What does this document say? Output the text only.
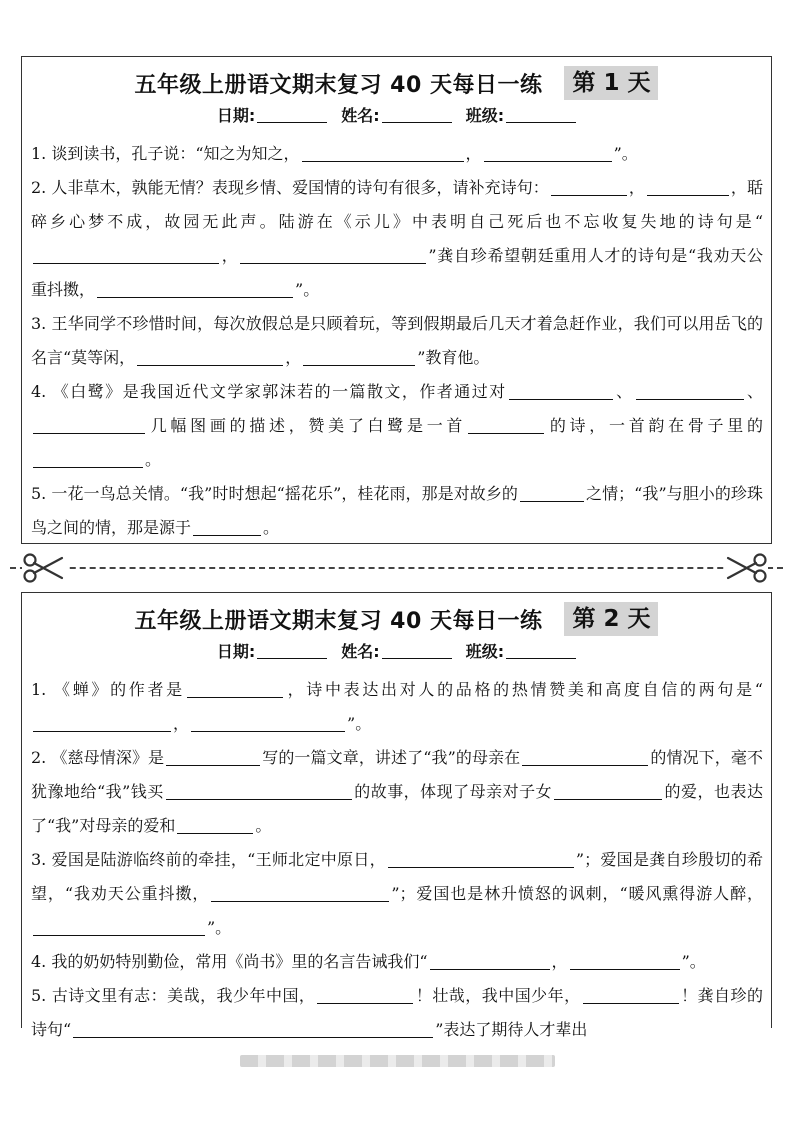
五年级上册语文期末复习 40 天每日一练	第 1 天
日期:	姓名:	班级:

1. 谈到读书，孔子说：“知之为知之，	，	”。

2. 人非草木，孰能无情？表现乡情、爱国情的诗句有很多，请补充诗句：	，	，聒碎乡心梦不成，故园无此声。陆游在《示儿》中表明自己死后也不忘收复失地的诗句是“，	”龚自珍希望朝廷重用人才的诗句是“我劝天公重抖擞，	”。

3. 王华同学不珍惜时间，每次放假总是只顾着玩，等到假期最后几天才着急赶作业，我们可以用岳飞的名言“莫等闲，	，	”教育他。

4. 《白鹭》是我国近代文学家郭沫若的一篇散文，作者通过对	、	、几幅图画的描述，赞美了白鹭是一首	的诗，一首韵在骨子里的。

5. 一花一鸟总关情。“我”时时想起“摇花乐”，桂花雨，那是对故乡的	之情；“我”与胆小的珍珠鸟之间的情，那是源于	。

五年级上册语文期末复习 40 天每日一练	第 2 天
日期:	姓名:	班级:

1. 《蝉》的作者是	，诗中表达出对人的品格的热情赞美和高度自信的两句是“，	”。

2. 《慈母情深》是	写的一篇文章，讲述了“我”的母亲在	的情况下，毫不犹豫地给“我”钱买	的故事，体现了母亲对子女	的爱，也表达了“我”对母亲的爱和	。

3. 爱国是陆游临终前的牵挂，“王师北定中原日，	”；爱国是龚自珍殷切的希望，“我劝天公重抖擞，	”；爱国也是林升愤怒的讽刺，“暖风熏得游人醉，”。

4. 我的奶奶特别勤俭，常用《尚书》里的名言告诫我们“	，	”。

5. 古诗文里有志：美哉，我少年中国，	！壮哉，我中国少年，	！龚自珍的诗句“	”表达了期待人才辈出
